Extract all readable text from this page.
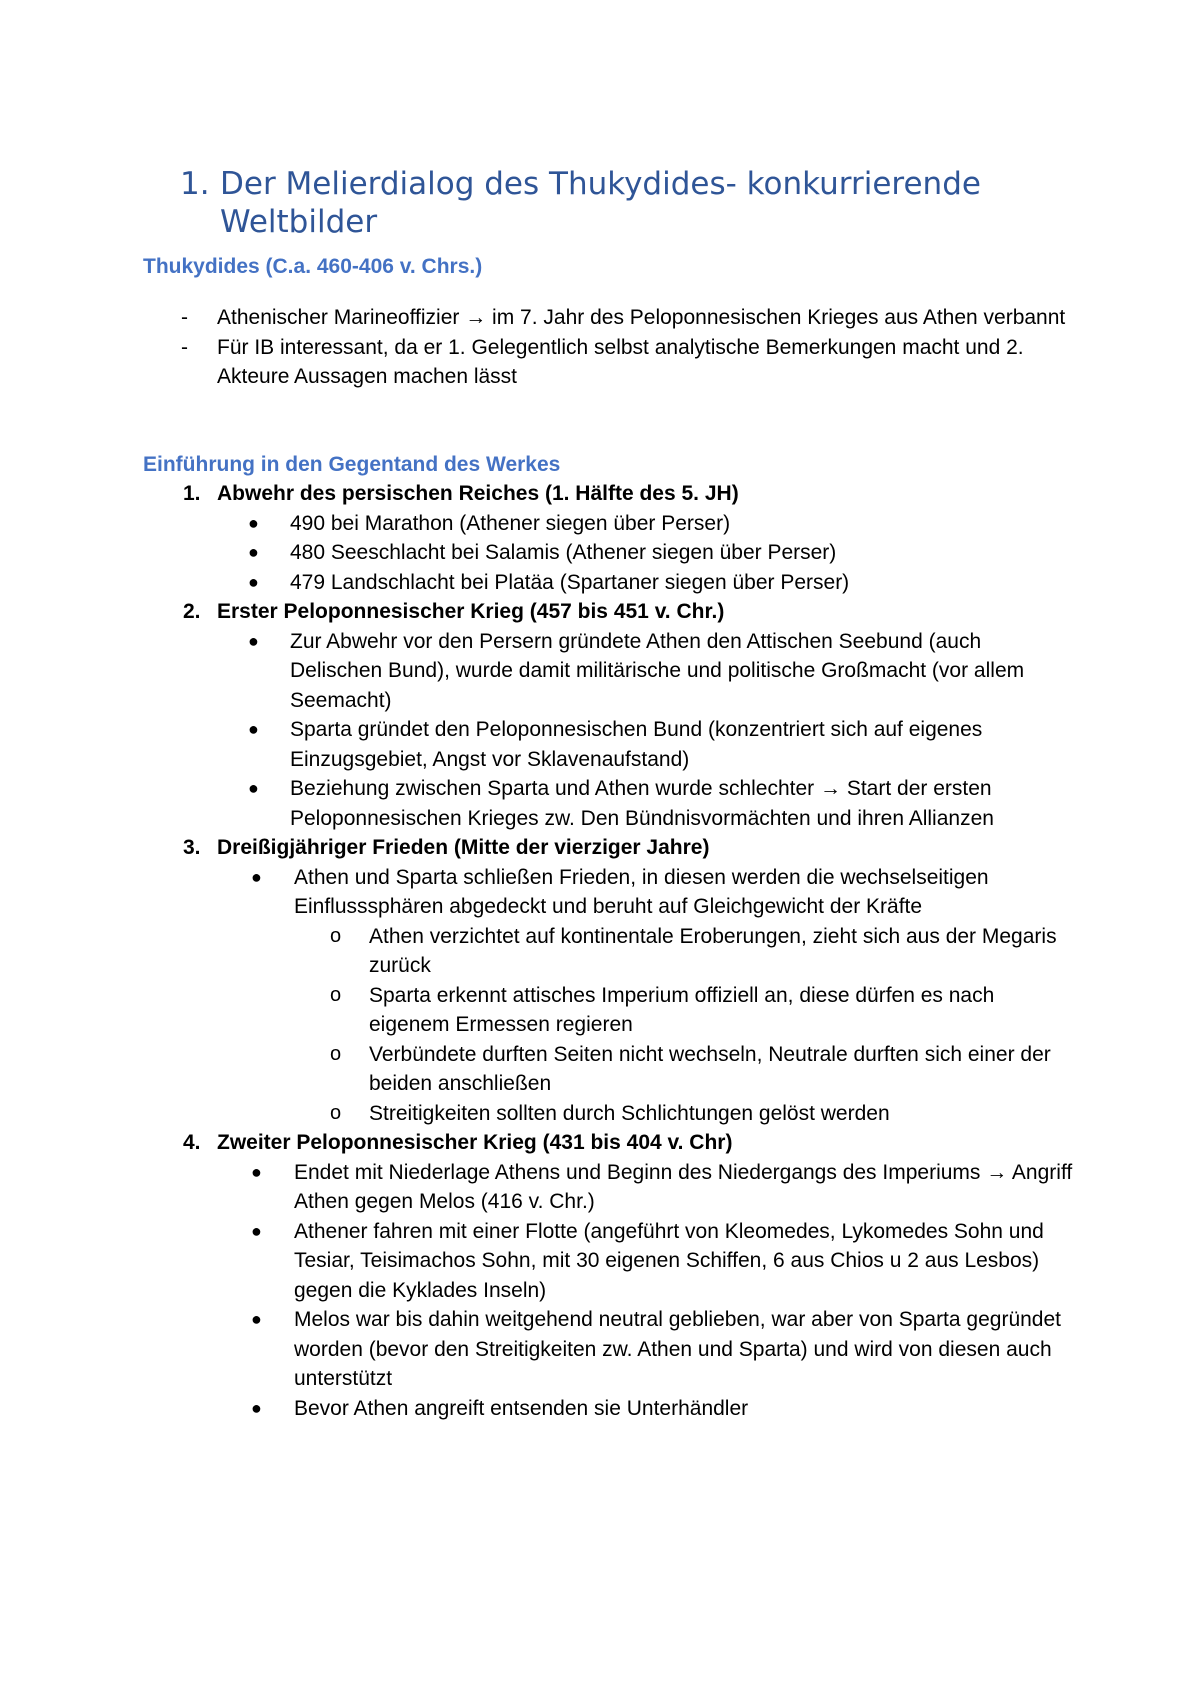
1. Der Melierdialog des Thukydides- konkurrierende Weltbilder
Thukydides (C.a. 460-406 v. Chrs.)
-	Athenischer Marineoffizier → im 7. Jahr des Peloponnesischen Krieges aus Athen verbannt
-	Für IB interessant, da er 1. Gelegentlich selbst analytische Bemerkungen macht und 2. Akteure Aussagen machen lässt
Einführung in den Gegentand des Werkes
1. Abwehr des persischen Reiches (1. Hälfte des 5. JH)
●	490 bei Marathon (Athener siegen über Perser)
●	480 Seeschlacht bei Salamis (Athener siegen über Perser)
●	479 Landschlacht bei Platäa (Spartaner siegen über Perser)
2. Erster Peloponnesischer Krieg (457 bis 451 v. Chr.)
●	Zur Abwehr vor den Persern gründete Athen den Attischen Seebund (auch Delischen Bund), wurde damit militärische und politische Großmacht (vor allem Seemacht)
●	Sparta gründet den Peloponnesischen Bund (konzentriert sich auf eigenes Einzugsgebiet, Angst vor Sklavenaufstand)
●	Beziehung zwischen Sparta und Athen wurde schlechter → Start der ersten Peloponnesischen Krieges zw. Den Bündnisvormächten und ihren Allianzen
3. Dreißigjähriger Frieden (Mitte der vierziger Jahre)
●	Athen und Sparta schließen Frieden, in diesen werden die wechselseitigen Einflusssphären abgedeckt und beruht auf Gleichgewicht der Kräfte
o	Athen verzichtet auf kontinentale Eroberungen, zieht sich aus der Megaris zurück
o	Sparta erkennt attisches Imperium offiziell an, diese dürfen es nach eigenem Ermessen regieren
o	Verbündete durften Seiten nicht wechseln, Neutrale durften sich einer der beiden anschließen
o	Streitigkeiten sollten durch Schlichtungen gelöst werden
4. Zweiter Peloponnesischer Krieg (431 bis 404 v. Chr)
●	Endet mit Niederlage Athens und Beginn des Niedergangs des Imperiums → Angriff Athen gegen Melos (416 v. Chr.)
●	Athener fahren mit einer Flotte (angeführt von Kleomedes, Lykomedes Sohn und Tesiar, Teisimachos Sohn, mit 30 eigenen Schiffen, 6 aus Chios u 2 aus Lesbos) gegen die Kyklades Inseln)
●	Melos war bis dahin weitgehend neutral geblieben, war aber von Sparta gegründet worden (bevor den Streitigkeiten zw. Athen und Sparta) und wird von diesen auch unterstützt
●	Bevor Athen angreift entsenden sie Unterhändler
